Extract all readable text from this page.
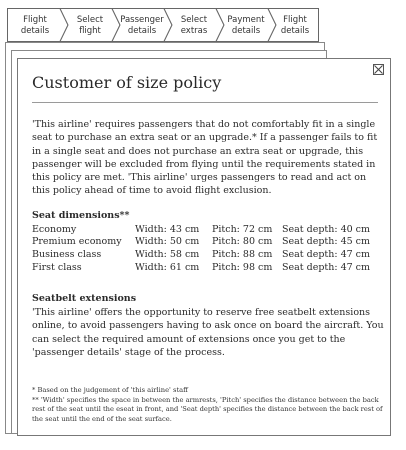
Flight
details
Select
flight
Passenger
details
Select
extras
Payment
details
Flight
details
Customer of size policy

'This airline' requires passengers that do not comfortably fit in a single seat to purchase an extra seat or an upgrade.* If a passenger fails to fit in a single seat and does not purchase an extra seat or upgrade, this passenger will be excluded from flying until the requirements stated in this policy are met. 'This airline' urges passengers to read and act on this policy ahead of time to avoid flight exclusion.

Seat dimensions**
Economy	Width: 43 cm	Pitch: 72 cm	Seat depth: 40 cm
Premium economy	Width: 50 cm	Pitch: 80 cm	Seat depth: 45 cm
Business class	Width: 58 cm	Pitch: 88 cm	Seat depth: 47 cm
First class	Width: 61 cm	Pitch: 98 cm	Seat depth: 47 cm
Seatbelt extensions

'This airline' offers the opportunity to reserve free seatbelt extensions online, to avoid passengers having to ask once on board the aircraft. You can select the required amount of extensions once you get to the 'passenger details' stage of the process.

* Based on the judgement of 'this airline' staff

** 'Width' specifies the space in between the armrests, 'Pitch' specifies the distance between the back rest of the seat until the eseat in front, and 'Seat depth' specifies the distance between the back rest of the seat until the end of the seat surface.
